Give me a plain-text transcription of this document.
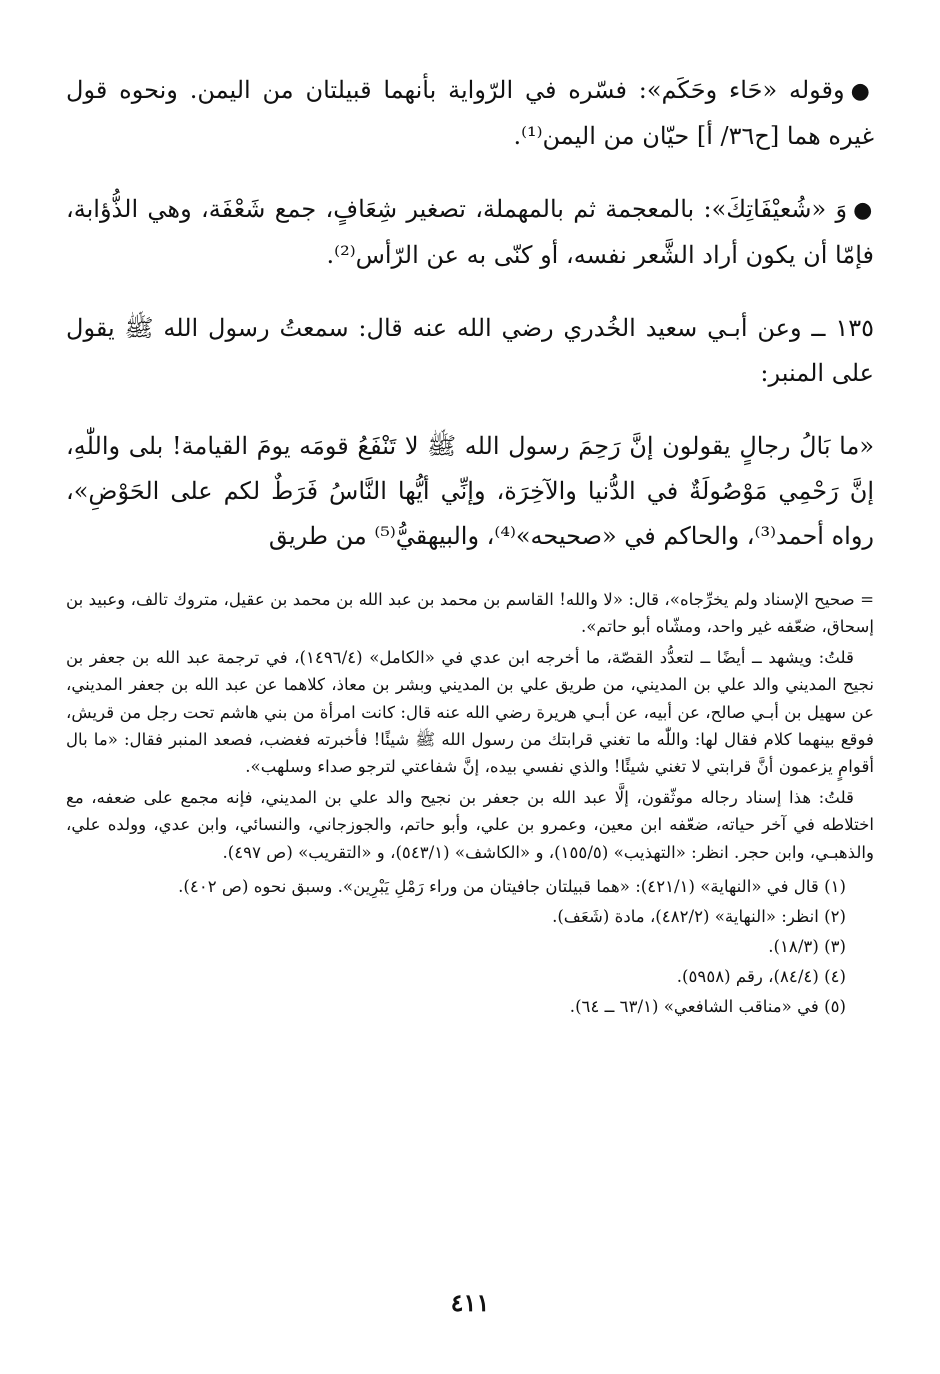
●وقوله «حَاء وحَكَم»: فسّره في الرّواية بأنهما قبيلتان من اليمن. ونحوه قول غيره هما [ح٣٦/ أ] حيّان من اليمن⁽¹⁾.

●وَ «شُعيْفَاتِكَ»: بالمعجمة ثم بالمهملة، تصغير شِعَافٍ، جمع شَعْفَة، وهي الذُّؤابة، فإمّا أن يكون أراد الشَّعر نفسه، أو كنّى به عن الرّأس⁽²⁾.

١٣٥ ــ وعن أبـي سعيد الخُدري رضي الله عنه قال: سمعتُ رسول الله ﷺ يقول على المنبر:

«ما بَالُ رجالٍ يقولون إنَّ رَحِمَ رسول الله ﷺ لا تَنْفَعُ قومَه يومَ القيامة! بلى واللّٰهِ، إنَّ رَحْمِي مَوْصُولَةٌ في الدُّنيا والآخِرَة، وإنِّي أيُّها النَّاسُ فَرَطٌ لكم على الحَوْضِ»، رواه أحمد⁽³⁾، والحاكم في «صحيحه»⁽⁴⁾، والبيهقيُّ⁽⁵⁾ من طريق

= صحيح الإسناد ولم يخرِّجاه»، قال: «لا والله! القاسم بن محمد بن عبد الله بن محمد بن عقيل، متروك تالف، وعبيد بن إسحاق، ضعّفه غير واحد، ومشّاه أبو حاتم».

قلتُ: ويشهد ــ أيضًا ــ لتعدُّد القصّة، ما أخرجه ابن عدي في «الكامل» (١٤٩٦/٤)، في ترجمة عبد الله بن جعفر بن نجيح المديني والد علي بن المديني، من طريق علي بن المديني وبشر بن معاذ، كلاهما عن عبد الله بن جعفر المديني، عن سهيل بن أبـي صالح، عن أبيه، عن أبـي هريرة رضي الله عنه قال: كانت امرأة من بني هاشم تحت رجل من قريش، فوقع بينهما كلام فقال لها: واللّٰه ما تغني قرابتك من رسول الله ﷺ شيئًا! فأخبرته فغضب، فصعد المنبر فقال: «ما بال أقوامٍ يزعمون أنَّ قرابتي لا تغني شيئًا! والذي نفسي بيده، إنَّ شفاعتي لترجو صداء وسلهب».

قلتُ: هذا إسناد رجاله موثّقون، إلَّا عبد الله بن جعفر بن نجيح والد علي بن المديني، فإنه مجمع على ضعفه، مع اختلاطه في آخر حياته، ضعّفه ابن معين، وعمرو بن علي، وأبو حاتم، والجوزجاني، والنسائي، وابن عدي، وولده علي، والذهبـي، وابن حجر. انظر: «التهذيب» (١٥٥/٥)، و «الكاشف» (٥٤٣/١)، و «التقريب» (ص ٤٩٧).

(١) قال في «النهاية» (٤٢١/١): «هما قبيلتان جافيتان من وراء رَمْلِ يَبْرِين». وسبق نحوه (ص ٤٠٢).

(٢) انظر: «النهاية» (٤٨٢/٢)، مادة (شَعَف).

(٣) (١٨/٣).

(٤) (٨٤/٤)، رقم (٥٩٥٨).

(٥) في «مناقب الشافعي» (٦٣/١ ــ ٦٤).

٤١١
